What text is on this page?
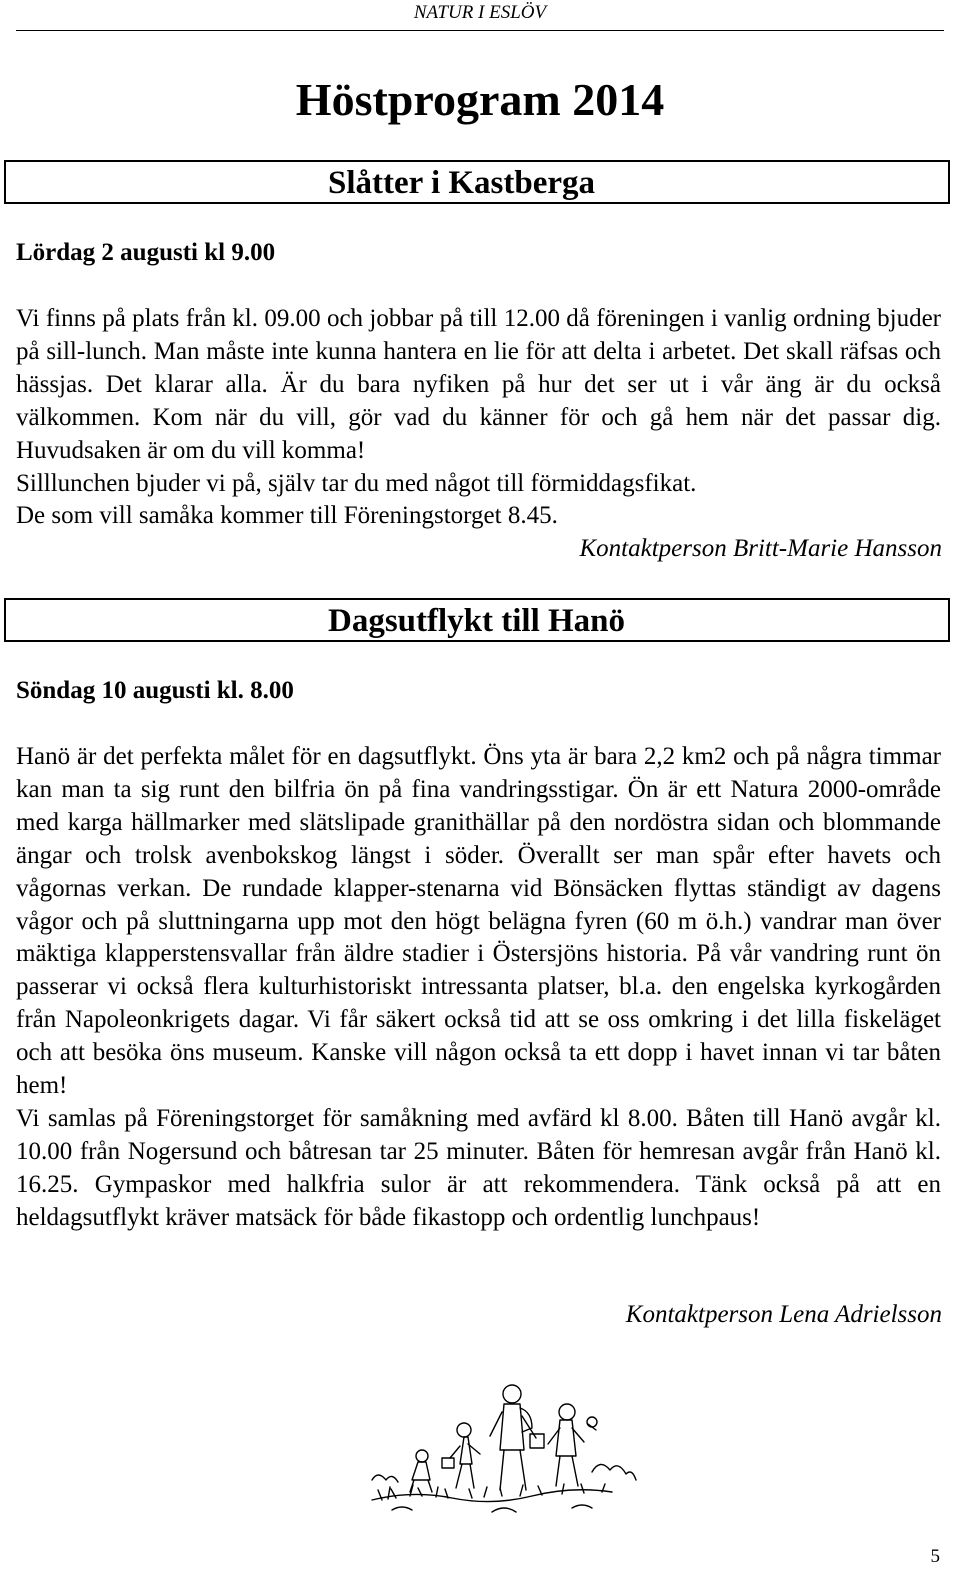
NATUR I ESLÖV
Höstprogram 2014
Slåtter i Kastberga
Lördag 2 augusti kl 9.00

Vi finns på plats från kl. 09.00 och jobbar på till 12.00 då föreningen i vanlig ordning bjuder på sill-lunch. Man måste inte kunna hantera en lie för att delta i arbetet. Det skall räfsas och hässjas. Det klarar alla. Är du bara nyfiken på hur det ser ut i vår äng är du också välkommen. Kom när du vill, gör vad du känner för och gå hem när det passar dig. Huvudsaken är om du vill komma!

Silllunchen bjuder vi på, själv tar du med något till förmiddagsfikat.

De som vill samåka kommer till Föreningstorget 8.45.

Kontaktperson Britt-Marie Hansson
Dagsutflykt till Hanö
Söndag 10 augusti kl. 8.00

Hanö är det perfekta målet för en dagsutflykt. Öns yta är bara 2,2 km2 och på några timmar kan man ta sig runt den bilfria ön på fina vandringsstigar. Ön är ett Natura 2000-område med karga hällmarker med slätslipade granithällar på den nordöstra sidan och blommande ängar och trolsk avenbokskog längst i söder. Överallt ser man spår efter havets och vågornas verkan. De rundade klapper-stenarna vid Bönsäcken flyttas ständigt av dagens vågor och på sluttningarna upp mot den högt belägna fyren (60 m ö.h.) vandrar man över mäktiga klapperstensvallar från äldre stadier i Östersjöns historia. På vår vandring runt ön passerar vi också flera kulturhistoriskt intressanta platser, bl.a. den engelska kyrkogården från Napoleonkrigets dagar. Vi får säkert också tid att se oss omkring i det lilla fiskeläget och att besöka öns museum. Kanske vill någon också ta ett dopp i havet innan vi tar båten hem!

Vi samlas på Föreningstorget för samåkning med avfärd kl 8.00. Båten till Hanö avgår kl. 10.00 från Nogersund och båtresan tar 25 minuter. Båten för hemresan avgår från Hanö kl. 16.25. Gympaskor med halkfria sulor är att rekommendera. Tänk också på att en heldagsutflykt kräver matsäck för både fikastopp och ordentlig lunchpaus!

Kontaktperson Lena Adrielsson
5
